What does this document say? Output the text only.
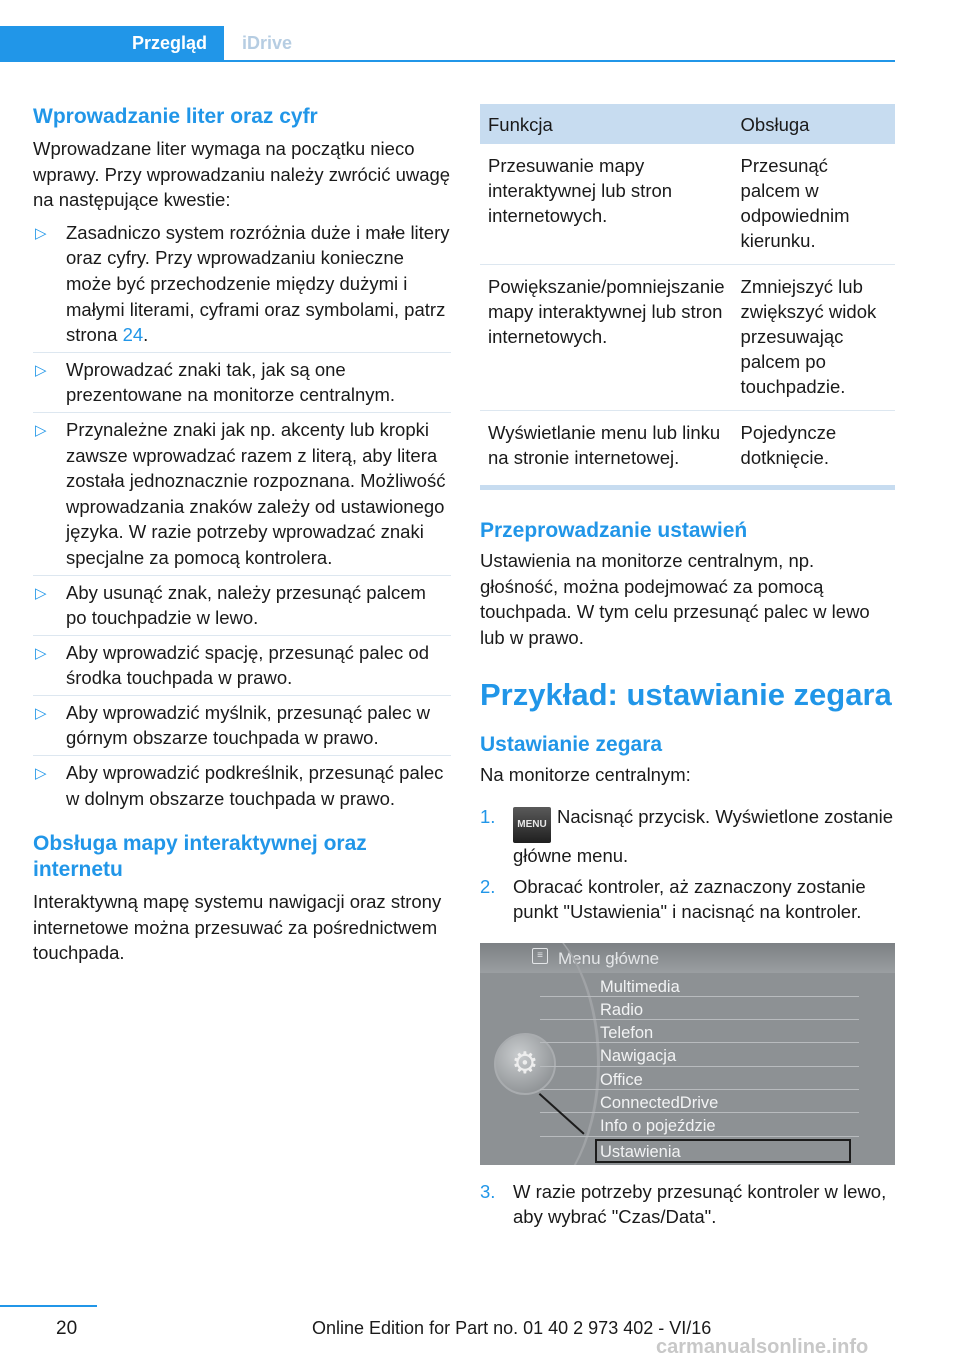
Przegląd	iDrive
Wprowadzanie liter oraz cyfr

Wprowadzane liter wymaga na początku nieco wprawy. Przy wprowadzaniu należy zwrócić uwagę na następujące kwestie:

▷ Zasadniczo system rozróżnia duże i małe litery oraz cyfry. Przy wprowadzaniu konieczne może być przechodzenie między dużymi i małymi literami, cyframi oraz symbolami, patrz strona 24.
▷ Wprowadzać znaki tak, jak są one prezentowane na monitorze centralnym.
▷ Przynależne znaki jak np. akcenty lub kropki zawsze wprowadzać razem z literą, aby litera została jednoznacznie rozpoznana. Możliwość wprowadzania znaków zależy od ustawionego języka. W razie potrzeby wprowadzać znaki specjalne za pomocą kontrolera.
▷ Aby usunąć znak, należy przesunąć palcem po touchpadzie w lewo.
▷ Aby wprowadzić spację, przesunąć palec od środka touchpada w prawo.
▷ Aby wprowadzić myślnik, przesunąć palec w górnym obszarze touchpada w prawo.
▷ Aby wprowadzić podkreślnik, przesunąć palec w dolnym obszarze touchpada w prawo.
Obsługa mapy interaktywnej oraz internetu

Interaktywną mapę systemu nawigacji oraz strony internetowe można przesuwać za pośrednictwem touchpada.

Funkcja	Obsługa
Przesuwanie mapy interaktywnej lub stron internetowych.	Przesunąć palcem w odpowiednim kierunku.
Powiększanie/pomniejszanie mapy interaktywnej lub stron internetowych.	Zmniejszyć lub zwiększyć widok przesuwając palcem po touchpadzie.
Wyświetlanie menu lub linku na stronie internetowej.	Pojedyncze dotknięcie.
Przeprowadzanie ustawień

Ustawienia na monitorze centralnym, np. głośność, można podejmować za pomocą touchpada. W tym celu przesunąć palec w lewo lub w prawo.

Przykład: ustawianie zegara
Ustawianie zegara

Na monitorze centralnym:

1. MENU Nacisnąć przycisk. Wyświetlone zostanie główne menu.
2. Obracać kontroler, aż zaznaczony zostanie punkt "Ustawienia" i nacisnąć na kontroler.
≡ Menu główne
⚙
Multimedia
Radio
Telefon
Nawigacja
Office
ConnectedDrive
Info o pojeździe
Ustawienia
3. W razie potrzeby przesunąć kontroler w lewo, aby wybrać "Czas/Data".
20	Online Edition for Part no. 01 40 2 973 402 - VI/16
carmanualsonline.info
